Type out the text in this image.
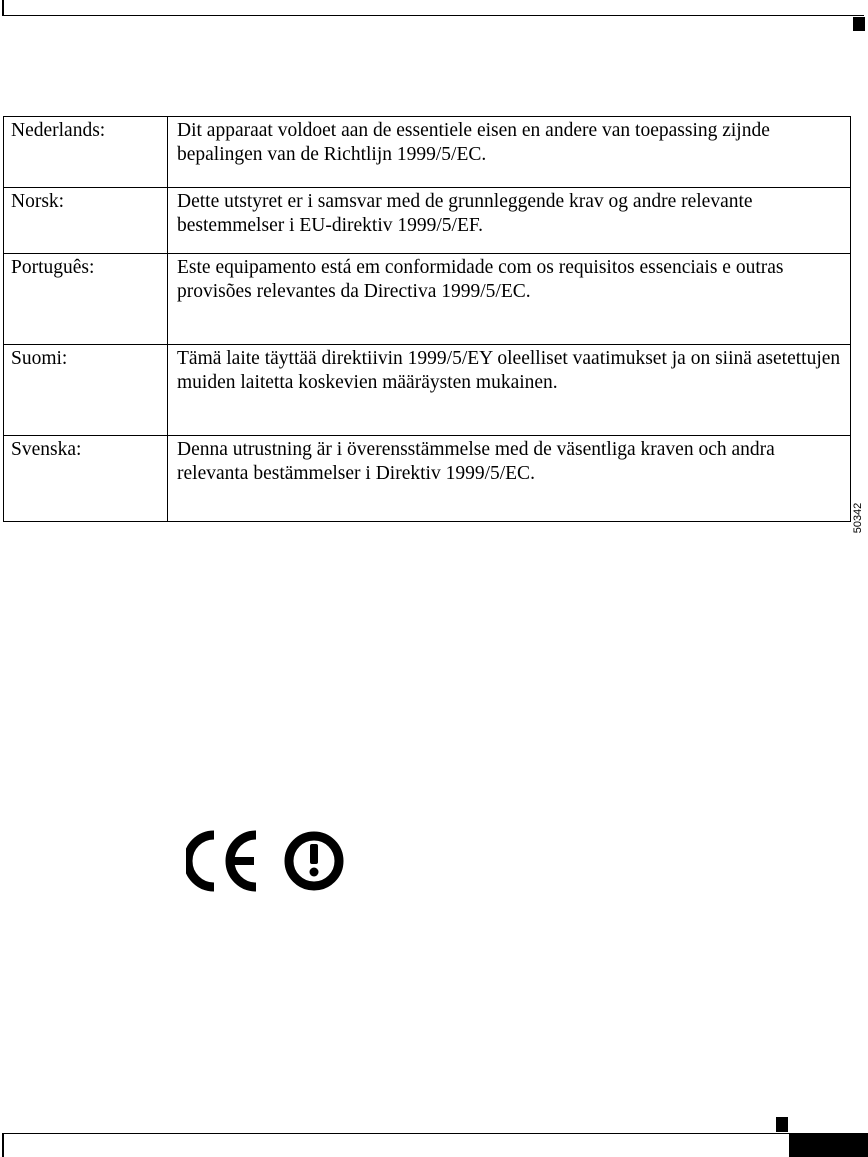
Nederlands:	Dit apparaat voldoet aan de essentiele eisen en andere van toepassing zijnde bepalingen van de Richtlijn 1999/5/EC.
Norsk:	Dette utstyret er i samsvar med de grunnleggende krav og andre relevante bestemmelser i EU-direktiv 1999/5/EF.
Português:	Este equipamento está em conformidade com os requisitos essenciais e outras provisões relevantes da Directiva 1999/5/EC.
Suomi:	Tämä laite täyttää direktiivin 1999/5/EY oleelliset vaatimukset ja on siinä asetettujen muiden laitetta koskevien määräysten mukainen.
Svenska:	Denna utrustning är i överensstämmelse med de väsentliga kraven och andra relevanta bestämmelser i Direktiv 1999/5/EC.
50342
